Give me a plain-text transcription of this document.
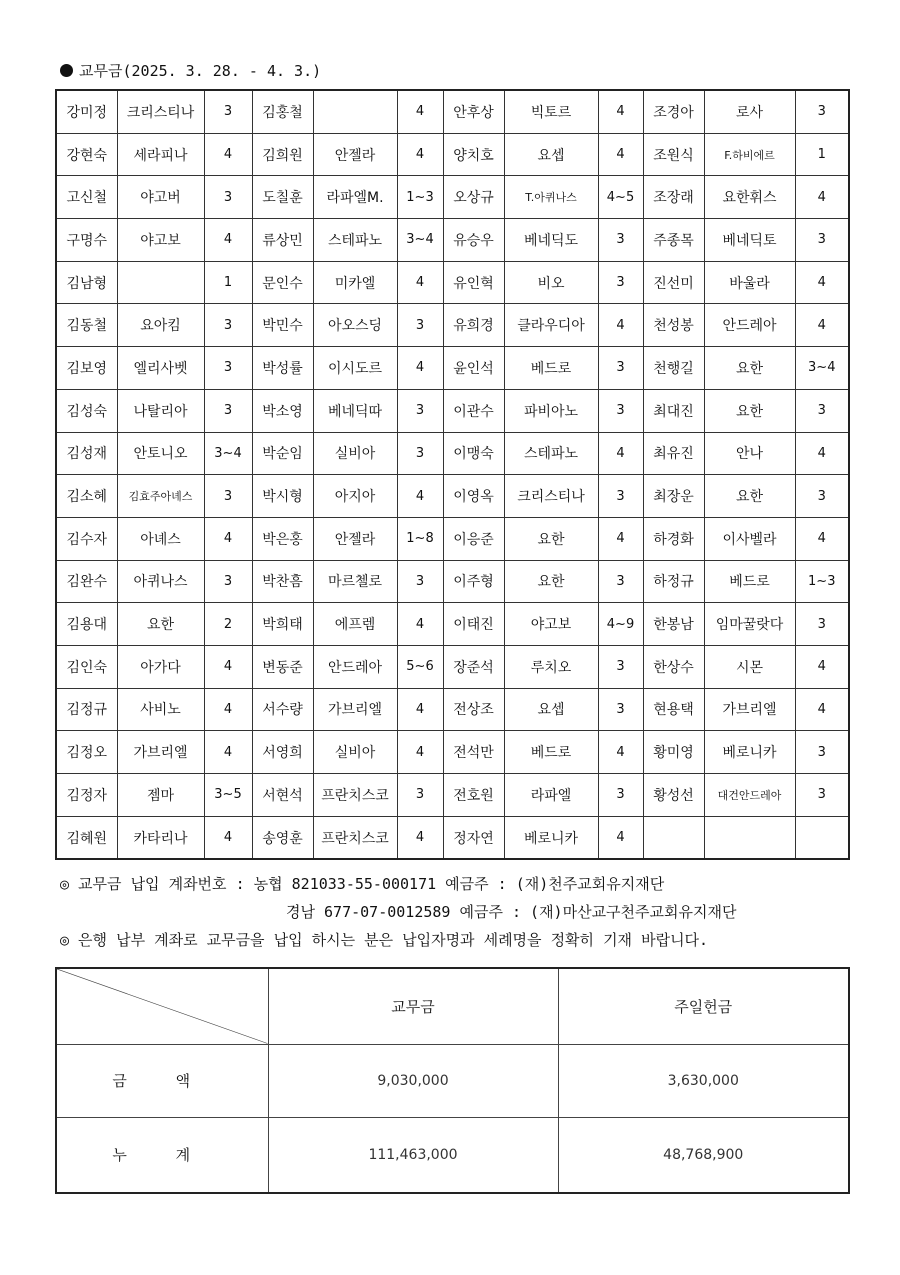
교무금(2025. 3. 28. - 4. 3.)
강미정	크리스티나	3	김홍철		4	안후상	빅토르	4	조경아	로사	3
강현숙	세라피나	4	김희원	안젤라	4	양치호	요셉	4	조원식	F.하비에르	1
고신철	야고버	3	도칠훈	라파엘M.	1~3	오상규	T.아퀴나스	4~5	조장래	요한휘스	4
구명수	야고보	4	류상민	스테파노	3~4	유승우	베네딕도	3	주종목	베네딕토	3
김남형		1	문인수	미카엘	4	유인혁	비오	3	진선미	바울라	4
김동철	요아킴	3	박민수	아오스딩	3	유희경	클라우디아	4	천성봉	안드레아	4
김보영	엘리사벳	3	박성률	이시도르	4	윤인석	베드로	3	천행길	요한	3~4
김성숙	나탈리아	3	박소영	베네딕따	3	이관수	파비아노	3	최대진	요한	3
김성재	안토니오	3~4	박순임	실비아	3	이맹숙	스테파노	4	최유진	안나	4
김소혜	김효주아녜스	3	박시형	아지아	4	이영옥	크리스티나	3	최장운	요한	3
김수자	아녜스	4	박은홍	안젤라	1~8	이응준	요한	4	하경화	이사벨라	4
김완수	아퀴나스	3	박찬흠	마르첼로	3	이주형	요한	3	하정규	베드로	1~3
김용대	요한	2	박희태	에프렘	4	이태진	야고보	4~9	한봉남	임마꿀랏다	3
김인숙	아가다	4	변동준	안드레아	5~6	장준석	루치오	3	한상수	시몬	4
김정규	사비노	4	서수량	가브리엘	4	전상조	요셉	3	현용택	가브리엘	4
김정오	가브리엘	4	서영희	실비아	4	전석만	베드로	4	황미영	베로니카	3
김정자	젬마	3~5	서현석	프란치스코	3	전호원	라파엘	3	황성선	대건안드레아	3
김혜원	카타리나	4	송영훈	프란치스코	4	정자연	베로니카	4			
◎ 교무금 납입 계좌번호 : 농협 821033-55-000171 예금주 : (재)천주교회유지재단
경남 677-07-0012589 예금주 : (재)마산교구천주교회유지재단
◎ 은행 납부 계좌로 교무금을 납입 하시는 분은 납입자명과 세례명을 정확히 기재 바랍니다.
	교무금	주일헌금
금 액	9,030,000	3,630,000
누 계	111,463,000	48,768,900
